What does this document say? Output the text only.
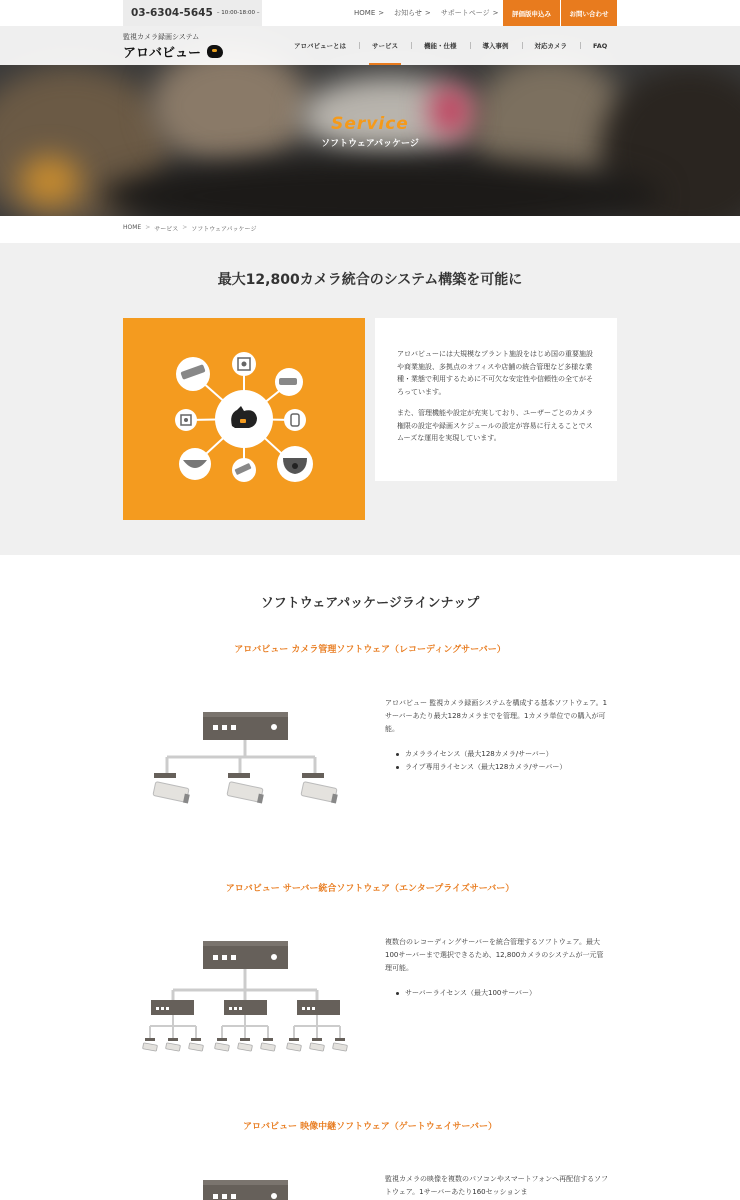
03-6304-5645 – 10:00-18:00 –	HOME > お知らせ > サポートページ >	評価版申込み	お問い合わせ
監視カメラ録画システム
アロバビュー	アロバビューとは	サービス	機能・仕様	導入事例	対応カメラ	FAQ
Service
ソフトウェアパッケージ
HOME > サービス > ソフトウェアパッケージ
最大12,800カメラ統合のシステム構築を可能に

アロバビューには大規模なプラント施設をはじめ国の重要施設や商業施設、多拠点のオフィスや店舗の統合管理など多様な業種・業態で利用するために不可欠な安定性や信頼性の全てがそろっています。

また、管理機能や設定が充実しており、ユーザーごとのカメラ権限の設定や録画スケジュールの設定が容易に行えることでスムーズな運用を実現しています。

ソフトウェアパッケージラインナップ
アロバビュー カメラ管理ソフトウェア（レコーディングサーバー）
アロバビュー 監視カメラ録画システムを構成する基本ソフトウェア。1サーバーあたり最大128カメラまでを管理。1カメラ単位での購入が可能。
カメラライセンス（最大128カメラ/サーバー）
ライブ専用ライセンス（最大128カメラ/サーバー）
アロバビュー サーバー統合ソフトウェア（エンタープライズサーバー）
複数台のレコーディングサーバーを統合管理するソフトウェア。最大100サーバーまで選択できるため、12,800カメラのシステムが一元管理可能。
サーバーライセンス（最大100サーバー）
アロバビュー 映像中継ソフトウェア（ゲートウェイサーバー）
監視カメラの映像を複数のパソコンやスマートフォンへ再配信するソフトウェア。1サーバーあたり160セッションま
